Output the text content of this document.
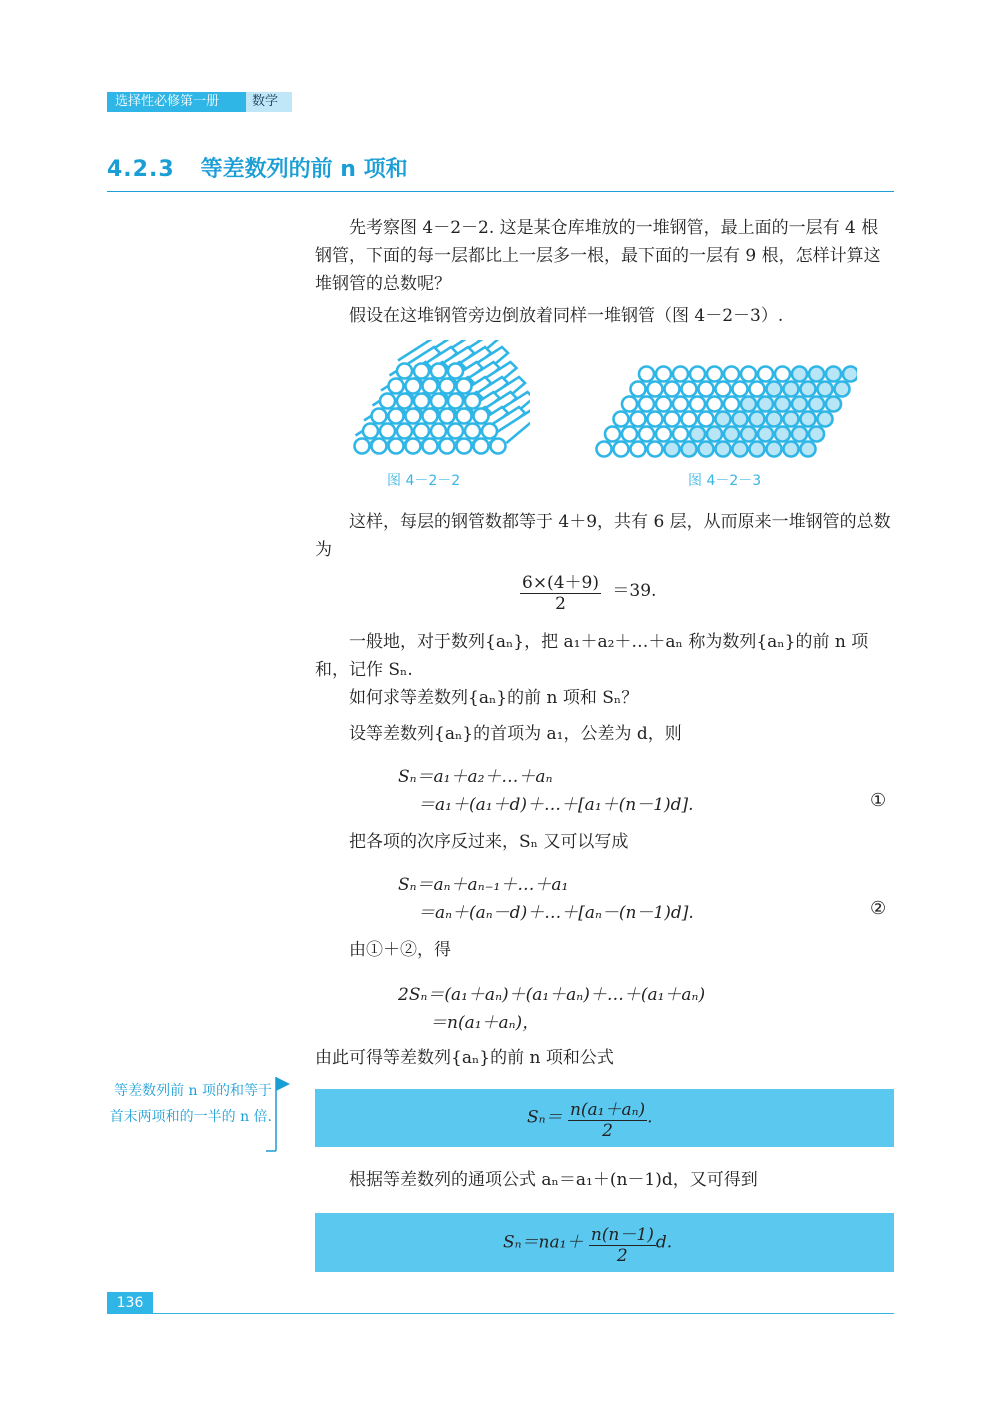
选择性必修第一册	数学
4.2.3 等差数列的前 n 项和
先考察图 4－2－2. 这是某仓库堆放的一堆钢管，最上面的一层有 4 根钢管，下面的每一层都比上一层多一根，最下面的一层有 9 根，怎样计算这堆钢管的总数呢？
假设在这堆钢管旁边倒放着同样一堆钢管（图 4－2－3）.
图 4－2－2	图 4－2－3
这样，每层的钢管数都等于 4＋9，共有 6 层，从而原来一堆钢管的总数为
$\frac{6\times(4+9)}{2} =39$.
一般地，对于数列{aₙ}，把 a₁＋a₂＋…＋aₙ 称为数列{aₙ}的前 n 项和，记作 Sₙ.
如何求等差数列{aₙ}的前 n 项和 Sₙ？
设等差数列{aₙ}的首项为 a₁，公差为 d，则
Sₙ＝a₁＋a₂＋…＋aₙ
＝a₁＋(a₁＋d)＋…＋[a₁＋(n－1)d].	①
把各项的次序反过来，Sₙ 又可以写成
Sₙ＝aₙ＋aₙ₋₁＋…＋a₁
＝aₙ＋(aₙ－d)＋…＋[aₙ－(n－1)d].	②
由①＋②，得
2Sₙ＝(a₁＋aₙ)＋(a₁＋aₙ)＋…＋(a₁＋aₙ)
＝n(a₁＋aₙ)，
由此可得等差数列{aₙ}的前 n 项和公式
等差数列前 n 项的和等于首末两项和的一半的 n 倍.	$S_n= \frac{\text{n(a₁＋aₙ)}}{2}$ .
根据等差数列的通项公式 aₙ＝a₁＋(n－1)d，又可得到
$S_n=na_1+ \frac{n(n-1)}{2} d$.
136
